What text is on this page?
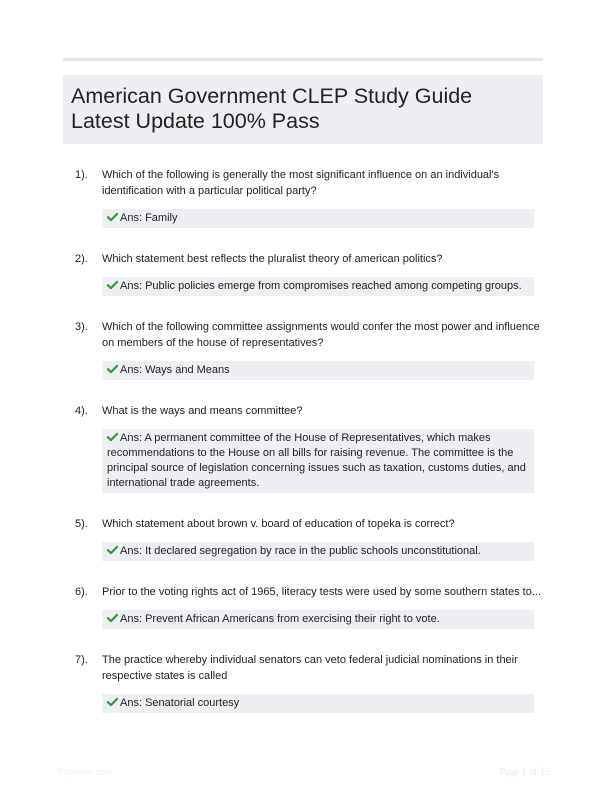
American Government CLEP Study Guide Latest Update 100% Pass
1).	Which of the following is generally the most significant influence on an individual's identification with a particular political party?
Ans: Family
2).	Which statement best reflects the pluralist theory of american politics?
Ans: Public policies emerge from compromises reached among competing groups.
3).	Which of the following committee assignments would confer the most power and influence on members of the house of representatives?
Ans: Ways and Means
4).	What is the ways and means committee?
Ans: A permanent committee of the House of Representatives, which makes recommendations to the House on all bills for raising revenue. The committee is the principal source of legislation concerning issues such as taxation, customs duties, and international trade agreements.
5).	Which statement about brown v. board of education of topeka is correct?
Ans: It declared segregation by race in the public schools unconstitutional.
6).	Prior to the voting rights act of 1965, literacy tests were used by some southern states to...
Ans: Prevent African Americans from exercising their right to vote.
7).	The practice whereby individual senators can veto federal judicial nominations in their respective states is called
Ans: Senatorial courtesy
Paperbin.com	Page 1 of 12
